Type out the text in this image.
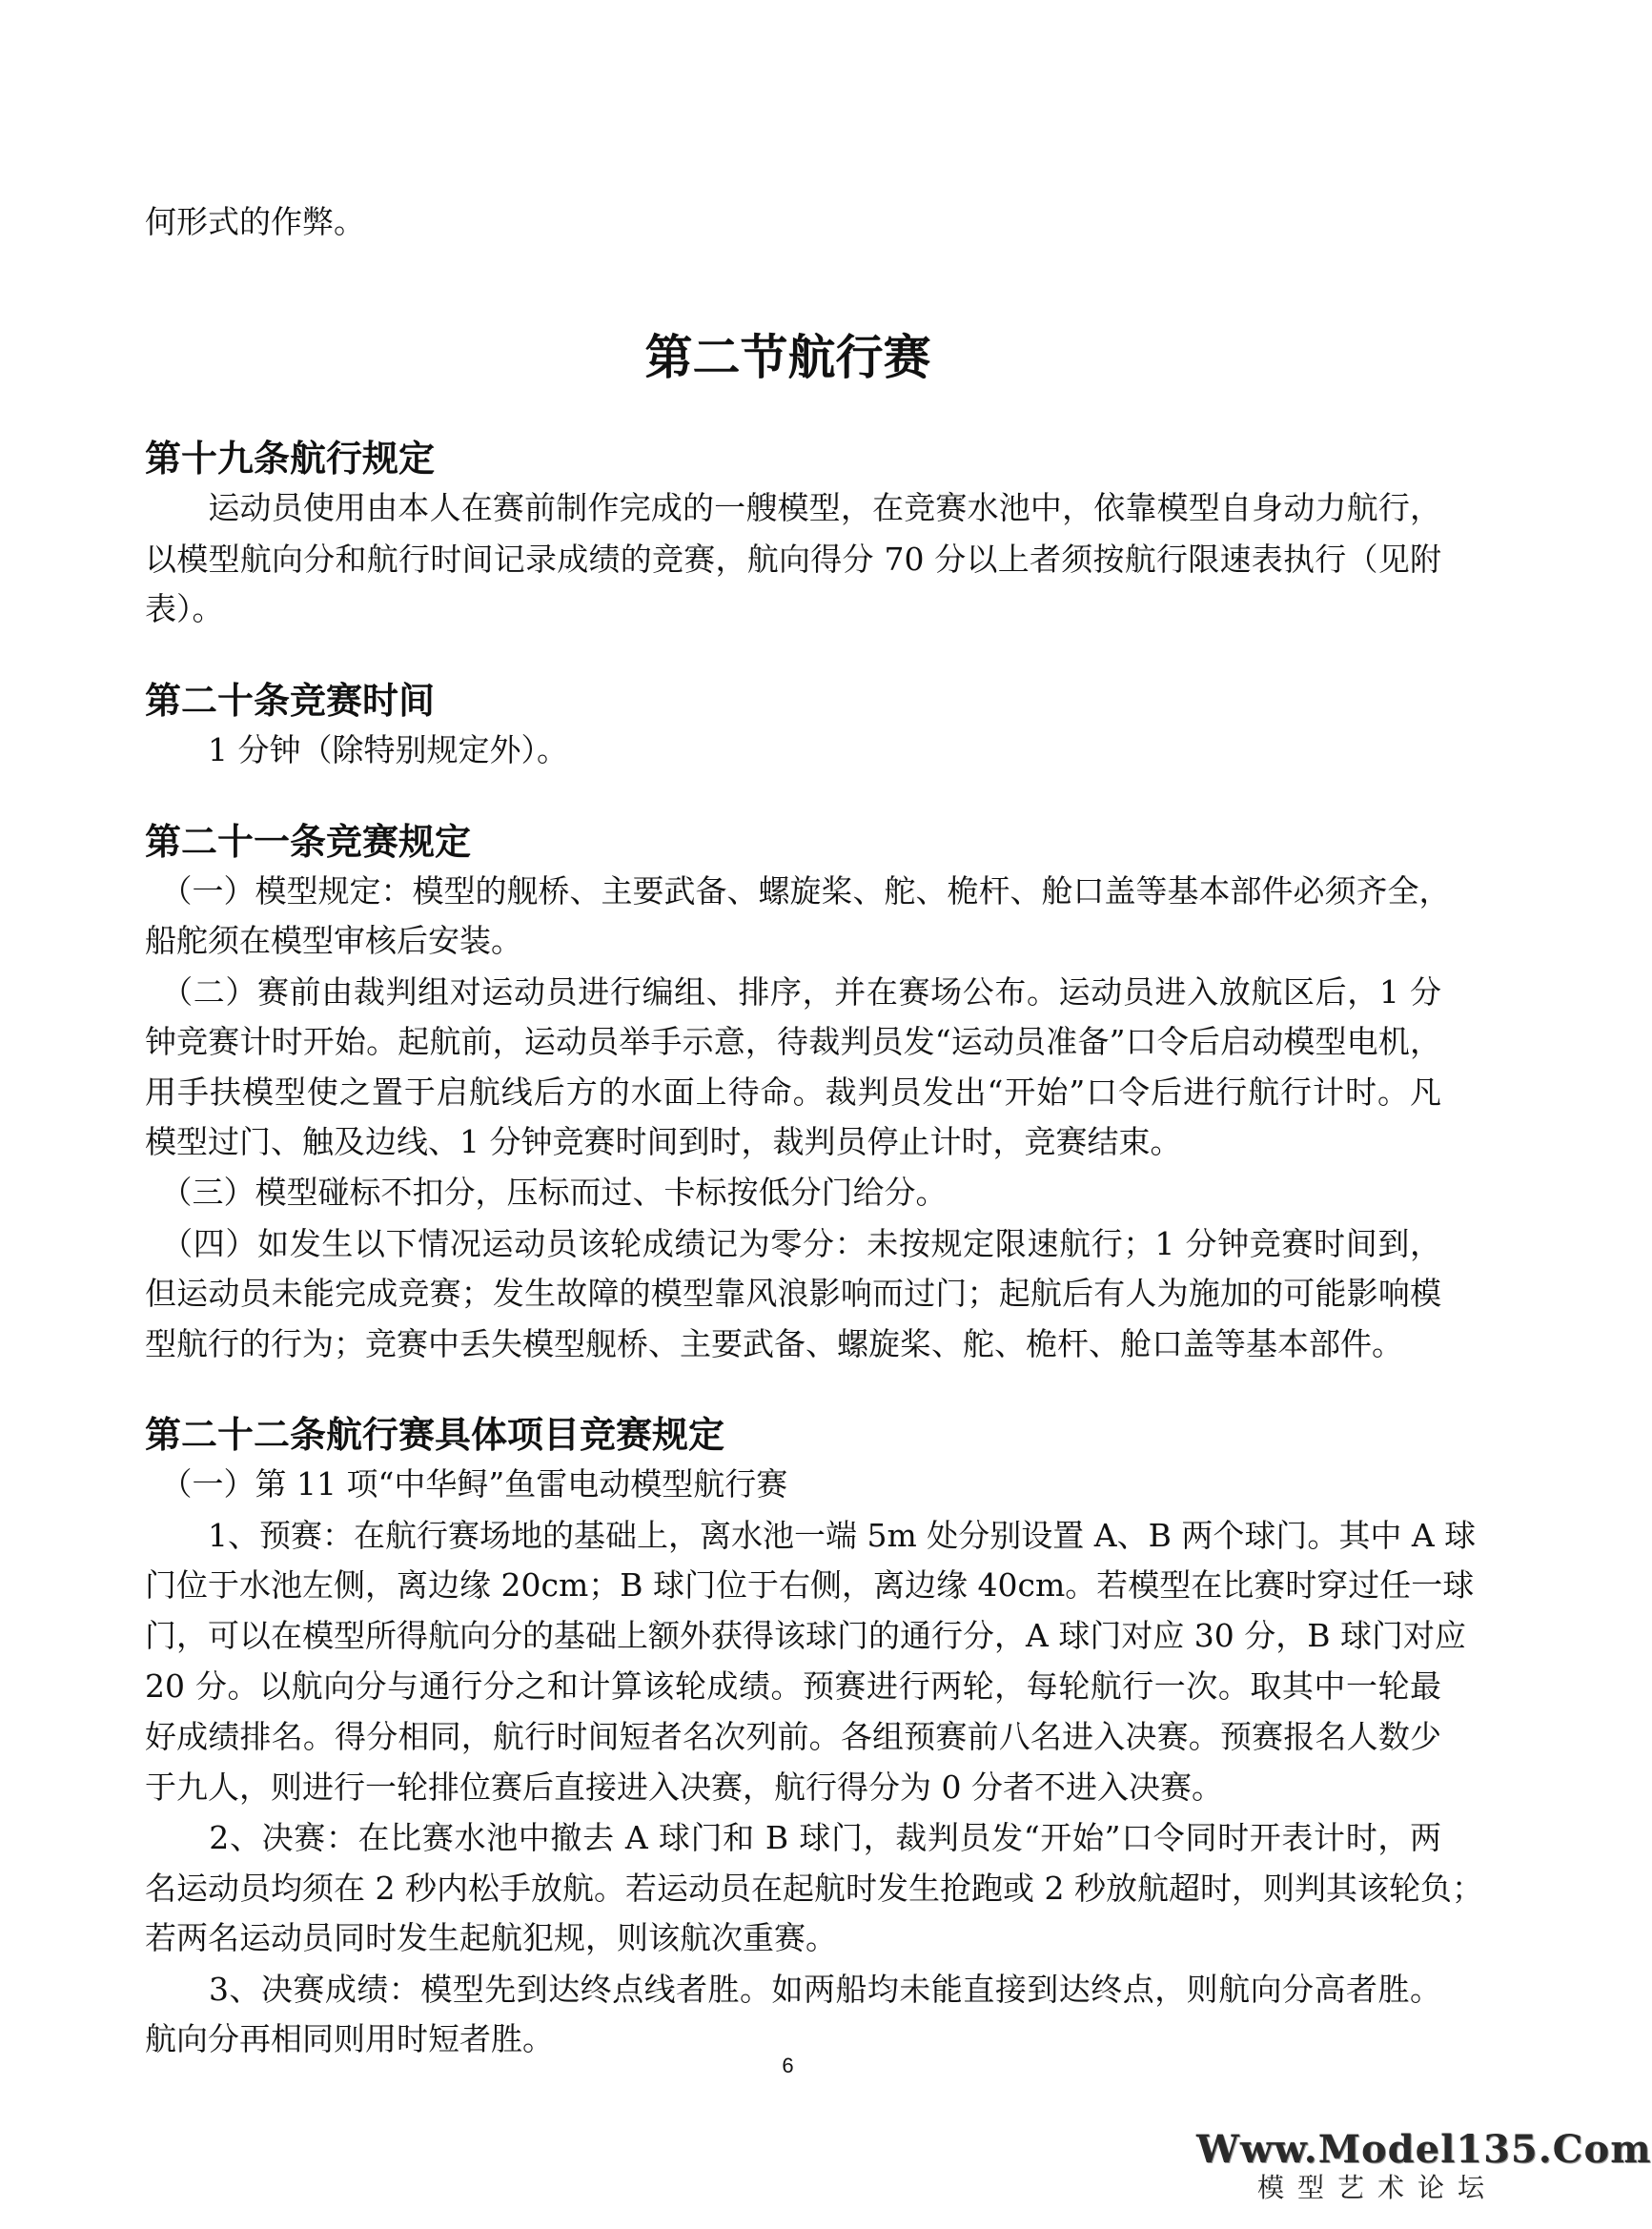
何形式的作弊。

第二节航行赛
第十九条航行规定

　　运动员使用由本人在赛前制作完成的一艘模型，在竞赛水池中，依靠模型自身动力航行，

以模型航向分和航行时间记录成绩的竞赛，航向得分 70 分以上者须按航行限速表执行（见附

表）。

第二十条竞赛时间

　　1 分钟（除特别规定外）。

第二十一条竞赛规定

　（一）模型规定：模型的舰桥、主要武备、螺旋桨、舵、桅杆、舱口盖等基本部件必须齐全，

船舵须在模型审核后安装。

　（二）赛前由裁判组对运动员进行编组、排序，并在赛场公布。运动员进入放航区后，1 分

钟竞赛计时开始。起航前，运动员举手示意，待裁判员发“运动员准备”口令后启动模型电机，

用手扶模型使之置于启航线后方的水面上待命。裁判员发出“开始”口令后进行航行计时。凡

模型过门、触及边线、1 分钟竞赛时间到时，裁判员停止计时，竞赛结束。

　（三）模型碰标不扣分，压标而过、卡标按低分门给分。

　（四）如发生以下情况运动员该轮成绩记为零分：未按规定限速航行；1 分钟竞赛时间到，

但运动员未能完成竞赛；发生故障的模型靠风浪影响而过门；起航后有人为施加的可能影响模

型航行的行为；竞赛中丢失模型舰桥、主要武备、螺旋桨、舵、桅杆、舱口盖等基本部件。

第二十二条航行赛具体项目竞赛规定

　（一）第 11 项“中华鲟”鱼雷电动模型航行赛

　　1、预赛：在航行赛场地的基础上，离水池一端 5m 处分别设置 A、B 两个球门。其中 A 球

门位于水池左侧，离边缘 20cm；B 球门位于右侧，离边缘 40cm。若模型在比赛时穿过任一球

门，可以在模型所得航向分的基础上额外获得该球门的通行分，A 球门对应 30 分，B 球门对应

20 分。以航向分与通行分之和计算该轮成绩。预赛进行两轮，每轮航行一次。取其中一轮最

好成绩排名。得分相同，航行时间短者名次列前。各组预赛前八名进入决赛。预赛报名人数少

于九人，则进行一轮排位赛后直接进入决赛，航行得分为 0 分者不进入决赛。

　　2、决赛：在比赛水池中撤去 A 球门和 B 球门，裁判员发“开始”口令同时开表计时，两

名运动员均须在 2 秒内松手放航。若运动员在起航时发生抢跑或 2 秒放航超时，则判其该轮负；

若两名运动员同时发生起航犯规，则该航次重赛。

　　3、决赛成绩：模型先到达终点线者胜。如两船均未能直接到达终点，则航向分高者胜。

航向分再相同则用时短者胜。

6
Www.Model135.Com
模型艺术论坛
